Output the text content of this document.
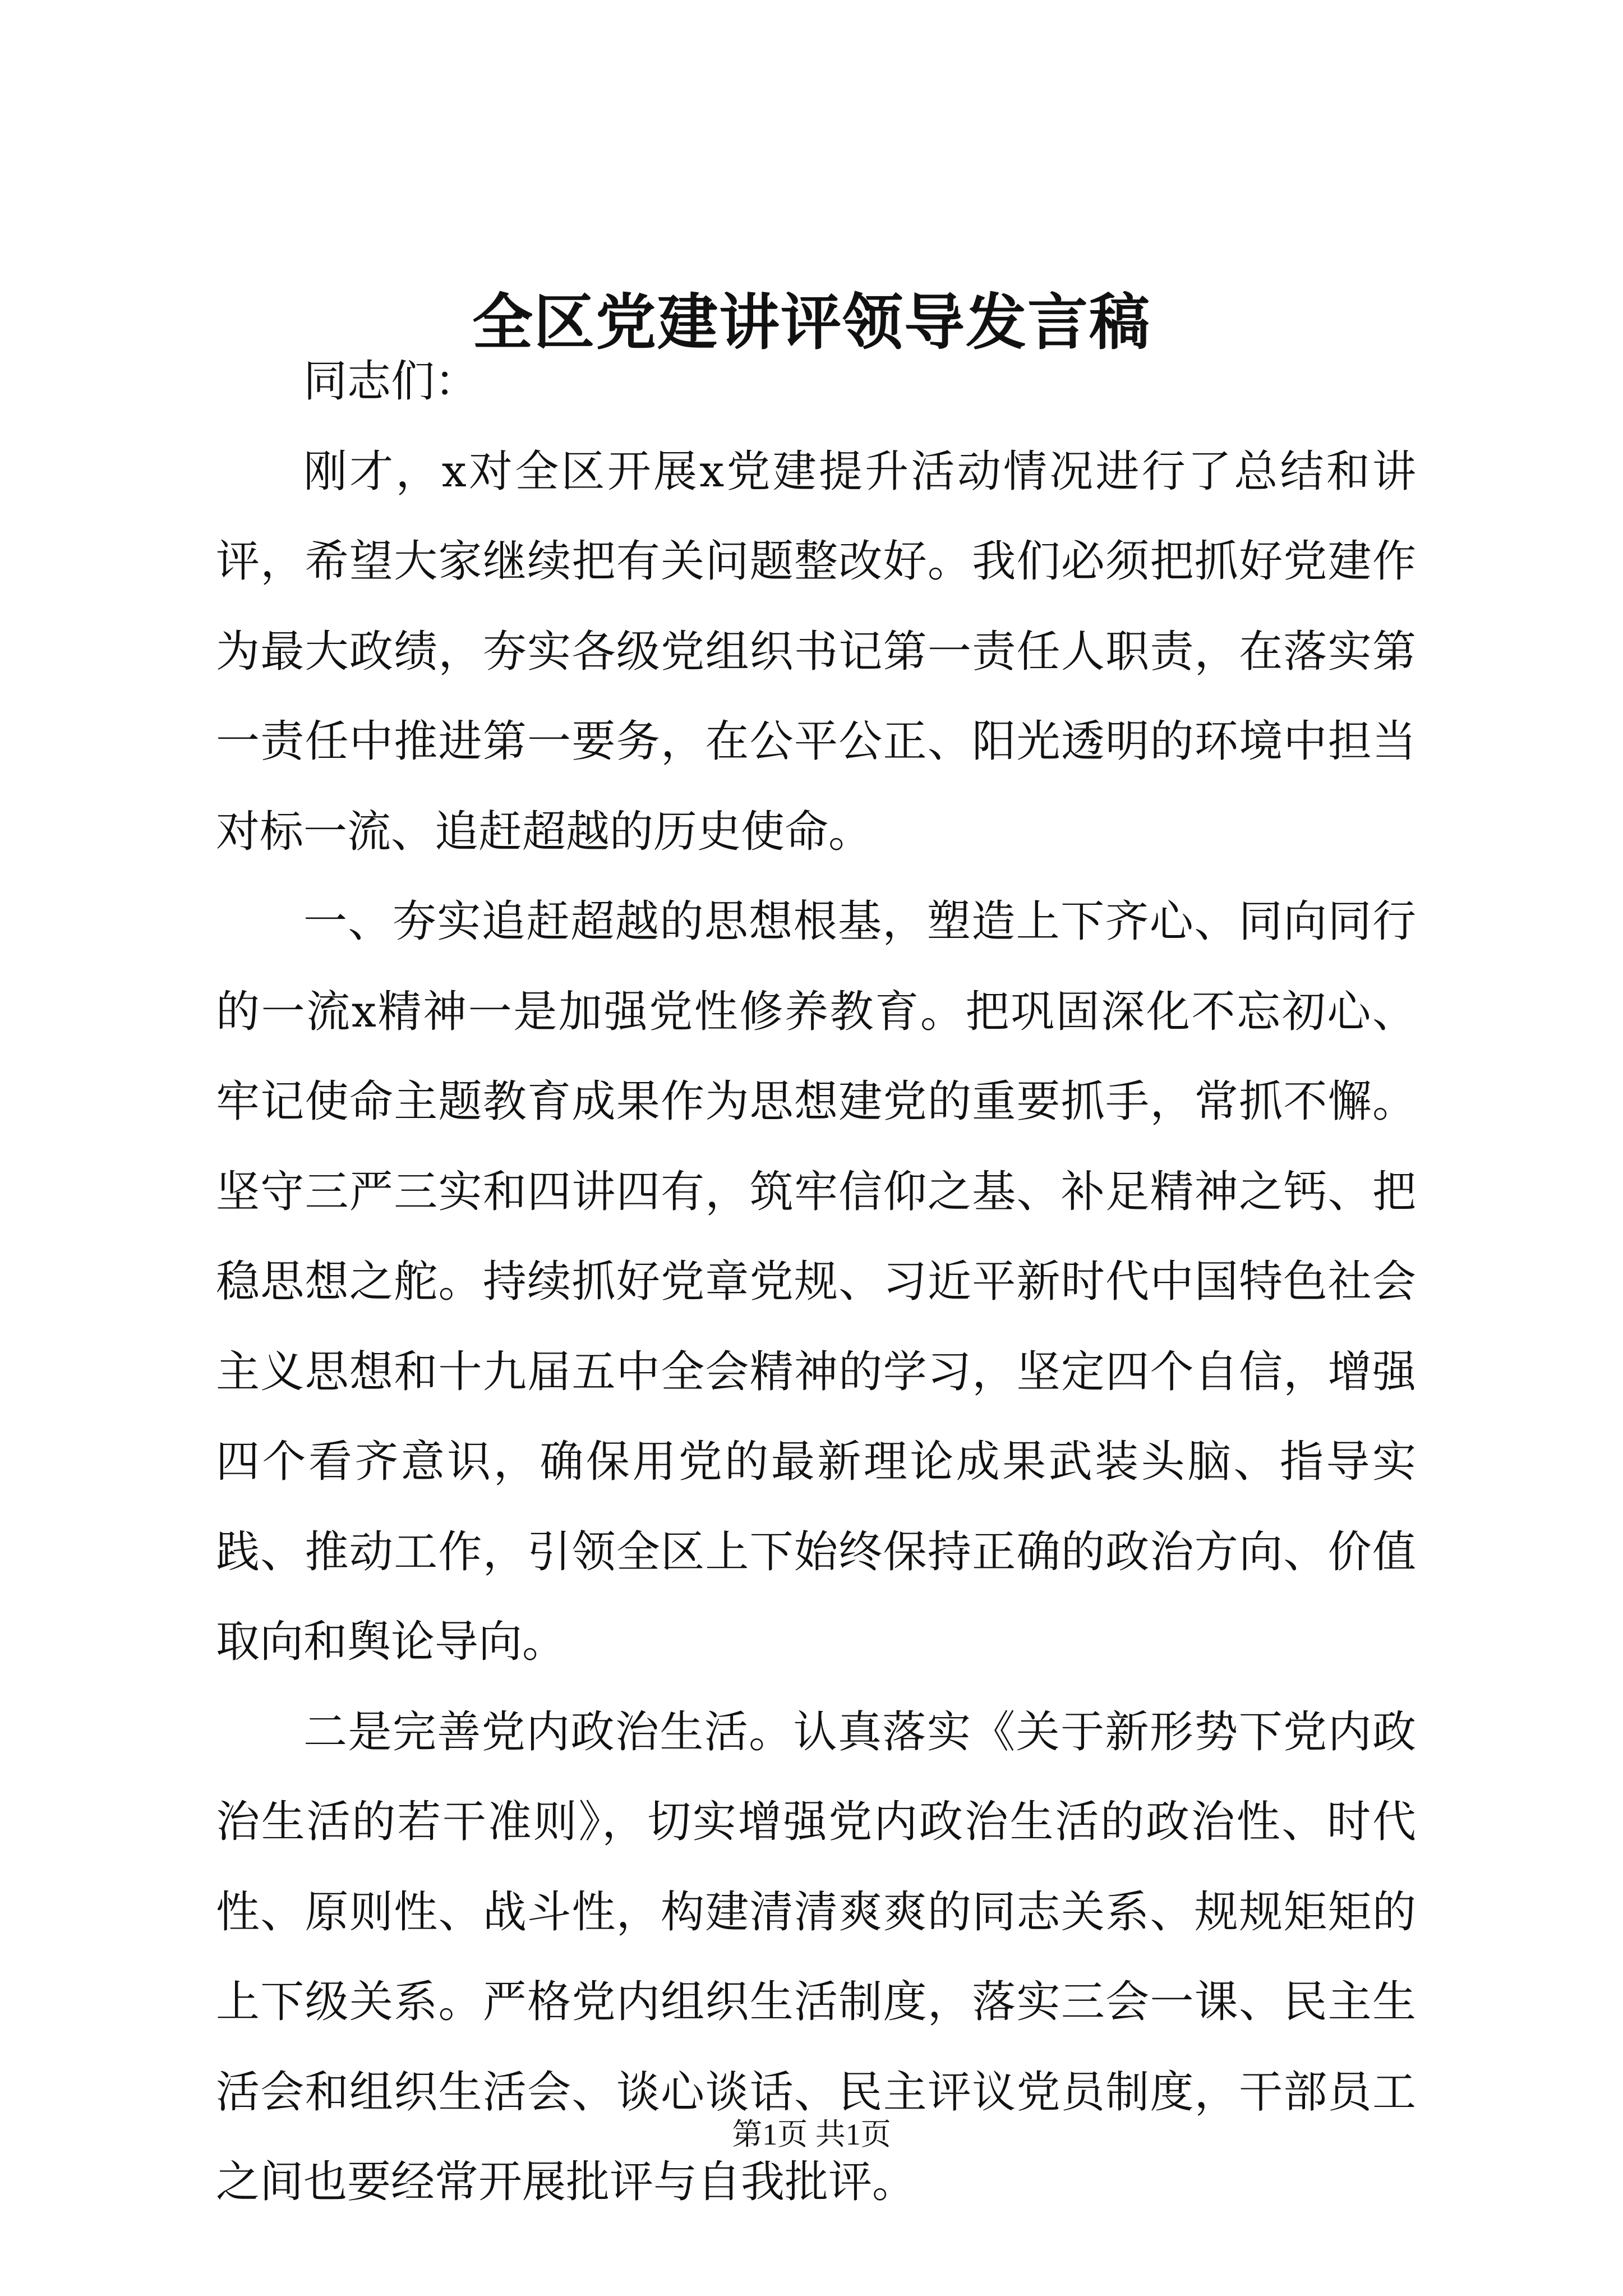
全区党建讲评领导发言稿

同志们：

刚才，x对全区开展x党建提升活动情况进行了总结和讲评，希望大家继续把有关问题整改好。我们必须把抓好党建作为最大政绩，夯实各级党组织书记第一责任人职责，在落实第一责任中推进第一要务，在公平公正、阳光透明的环境中担当对标一流、追赶超越的历史使命。

一、夯实追赶超越的思想根基，塑造上下齐心、同向同行的一流x精神一是加强党性修养教育。把巩固深化不忘初心、牢记使命主题教育成果作为思想建党的重要抓手，常抓不懈。坚守三严三实和四讲四有，筑牢信仰之基、补足精神之钙、把稳思想之舵。持续抓好党章党规、习近平新时代中国特色社会主义思想和十九届五中全会精神的学习，坚定四个自信，增强四个看齐意识，确保用党的最新理论成果武装头脑、指导实践、推动工作，引领全区上下始终保持正确的政治方向、价值取向和舆论导向。

二是完善党内政治生活。认真落实《关于新形势下党内政治生活的若干准则》，切实增强党内政治生活的政治性、时代性、原则性、战斗性，构建清清爽爽的同志关系、规规矩矩的上下级关系。严格党内组织生活制度，落实三会一课、民主生活会和组织生活会、谈心谈话、民主评议党员制度，干部员工之间也要经常开展批评与自我批评。

第1页 共1页
